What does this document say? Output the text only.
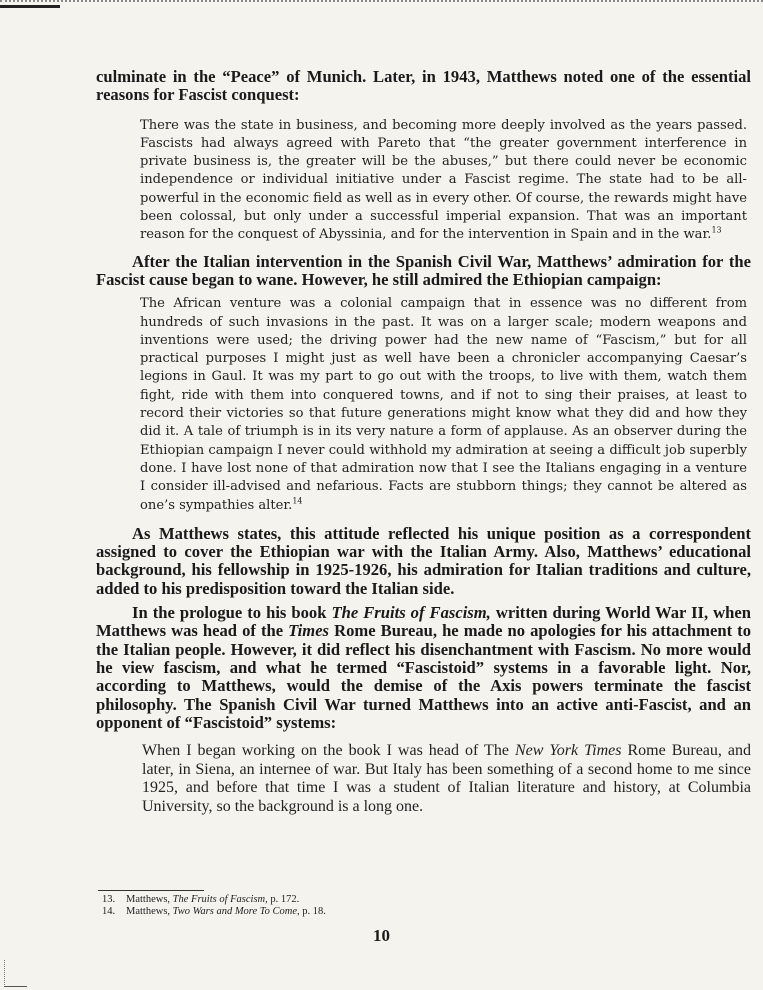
culminate in the “Peace” of Munich. Later, in 1943, Matthews noted one of the essential reasons for Fascist conquest:

There was the state in business, and becoming more deeply involved as the years passed. Fascists had always agreed with Pareto that “the greater government interference in private business is, the greater will be the abuses,” but there could never be economic independence or individual initiative under a Fascist regime. The state had to be all-powerful in the economic field as well as in every other. Of course, the rewards might have been colossal, but only under a successful imperial expansion. That was an important reason for the conquest of Abyssinia, and for the intervention in Spain and in the war.$^{13}$

After the Italian intervention in the Spanish Civil War, Matthews’ admiration for the Fascist cause began to wane. However, he still admired the Ethiopian campaign:

The African venture was a colonial campaign that in essence was no different from hundreds of such invasions in the past. It was on a larger scale; modern weapons and inventions were used; the driving power had the new name of “Fascism,” but for all practical purposes I might just as well have been a chronicler accompanying Caesar’s legions in Gaul. It was my part to go out with the troops, to live with them, watch them fight, ride with them into conquered towns, and if not to sing their praises, at least to record their victories so that future generations might know what they did and how they did it. A tale of triumph is in its very nature a form of applause. As an observer during the Ethiopian campaign I never could withhold my admiration at seeing a difficult job superbly done. I have lost none of that admiration now that I see the Italians engaging in a venture I consider ill-advised and nefarious. Facts are stubborn things; they cannot be altered as one’s sympathies alter.$^{14}$

As Matthews states, this attitude reflected his unique position as a correspondent assigned to cover the Ethiopian war with the Italian Army. Also, Matthews’ educational background, his fellowship in 1925-1926, his admiration for Italian traditions and culture, added to his predisposition toward the Italian side.

In the prologue to his book The Fruits of Fascism, written during World War II, when Matthews was head of the Times Rome Bureau, he made no apologies for his attachment to the Italian people. However, it did reflect his disenchantment with Fascism. No more would he view fascism, and what he termed “Fascistoid” systems in a favorable light. Nor, according to Matthews, would the demise of the Axis powers terminate the fascist philosophy. The Spanish Civil War turned Matthews into an active anti-Fascist, and an opponent of “Fascistoid” systems:

When I began working on the book I was head of The New York Times Rome Bureau, and later, in Siena, an internee of war. But Italy has been something of a second home to me since 1925, and before that time I was a student of Italian literature and history, at Columbia University, so the background is a long one.

13. Matthews, The Fruits of Fascism, p. 172.
14. Matthews, Two Wars and More To Come, p. 18.
10
